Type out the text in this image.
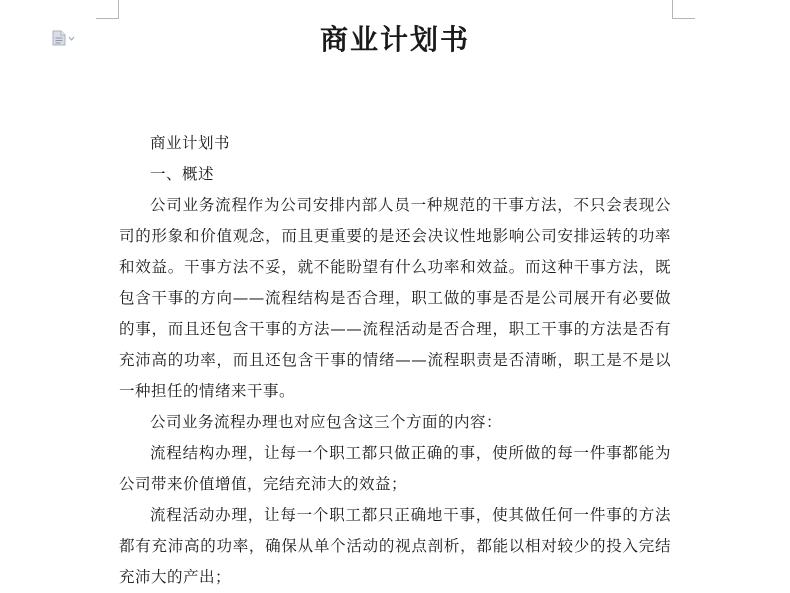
商业计划书

商业计划书

一、概述

公司业务流程作为公司安排内部人员一种规范的干事方法，不只会表现公司的形象和价值观念，而且更重要的是还会决议性地影响公司安排运转的功率和效益。干事方法不妥，就不能盼望有什么功率和效益。而这种干事方法，既包含干事的方向——流程结构是否合理，职工做的事是否是公司展开有必要做的事，而且还包含干事的方法——流程活动是否合理，职工干事的方法是否有充沛高的功率，而且还包含干事的情绪——流程职责是否清晰，职工是不是以一种担任的情绪来干事。

公司业务流程办理也对应包含这三个方面的内容：

流程结构办理，让每一个职工都只做正确的事，使所做的每一件事都能为公司带来价值增值，完结充沛大的效益；

流程活动办理，让每一个职工都只正确地干事，使其做任何一件事的方法都有充沛高的功率，确保从单个活动的视点剖析，都能以相对较少的投入完结充沛大的产出；
